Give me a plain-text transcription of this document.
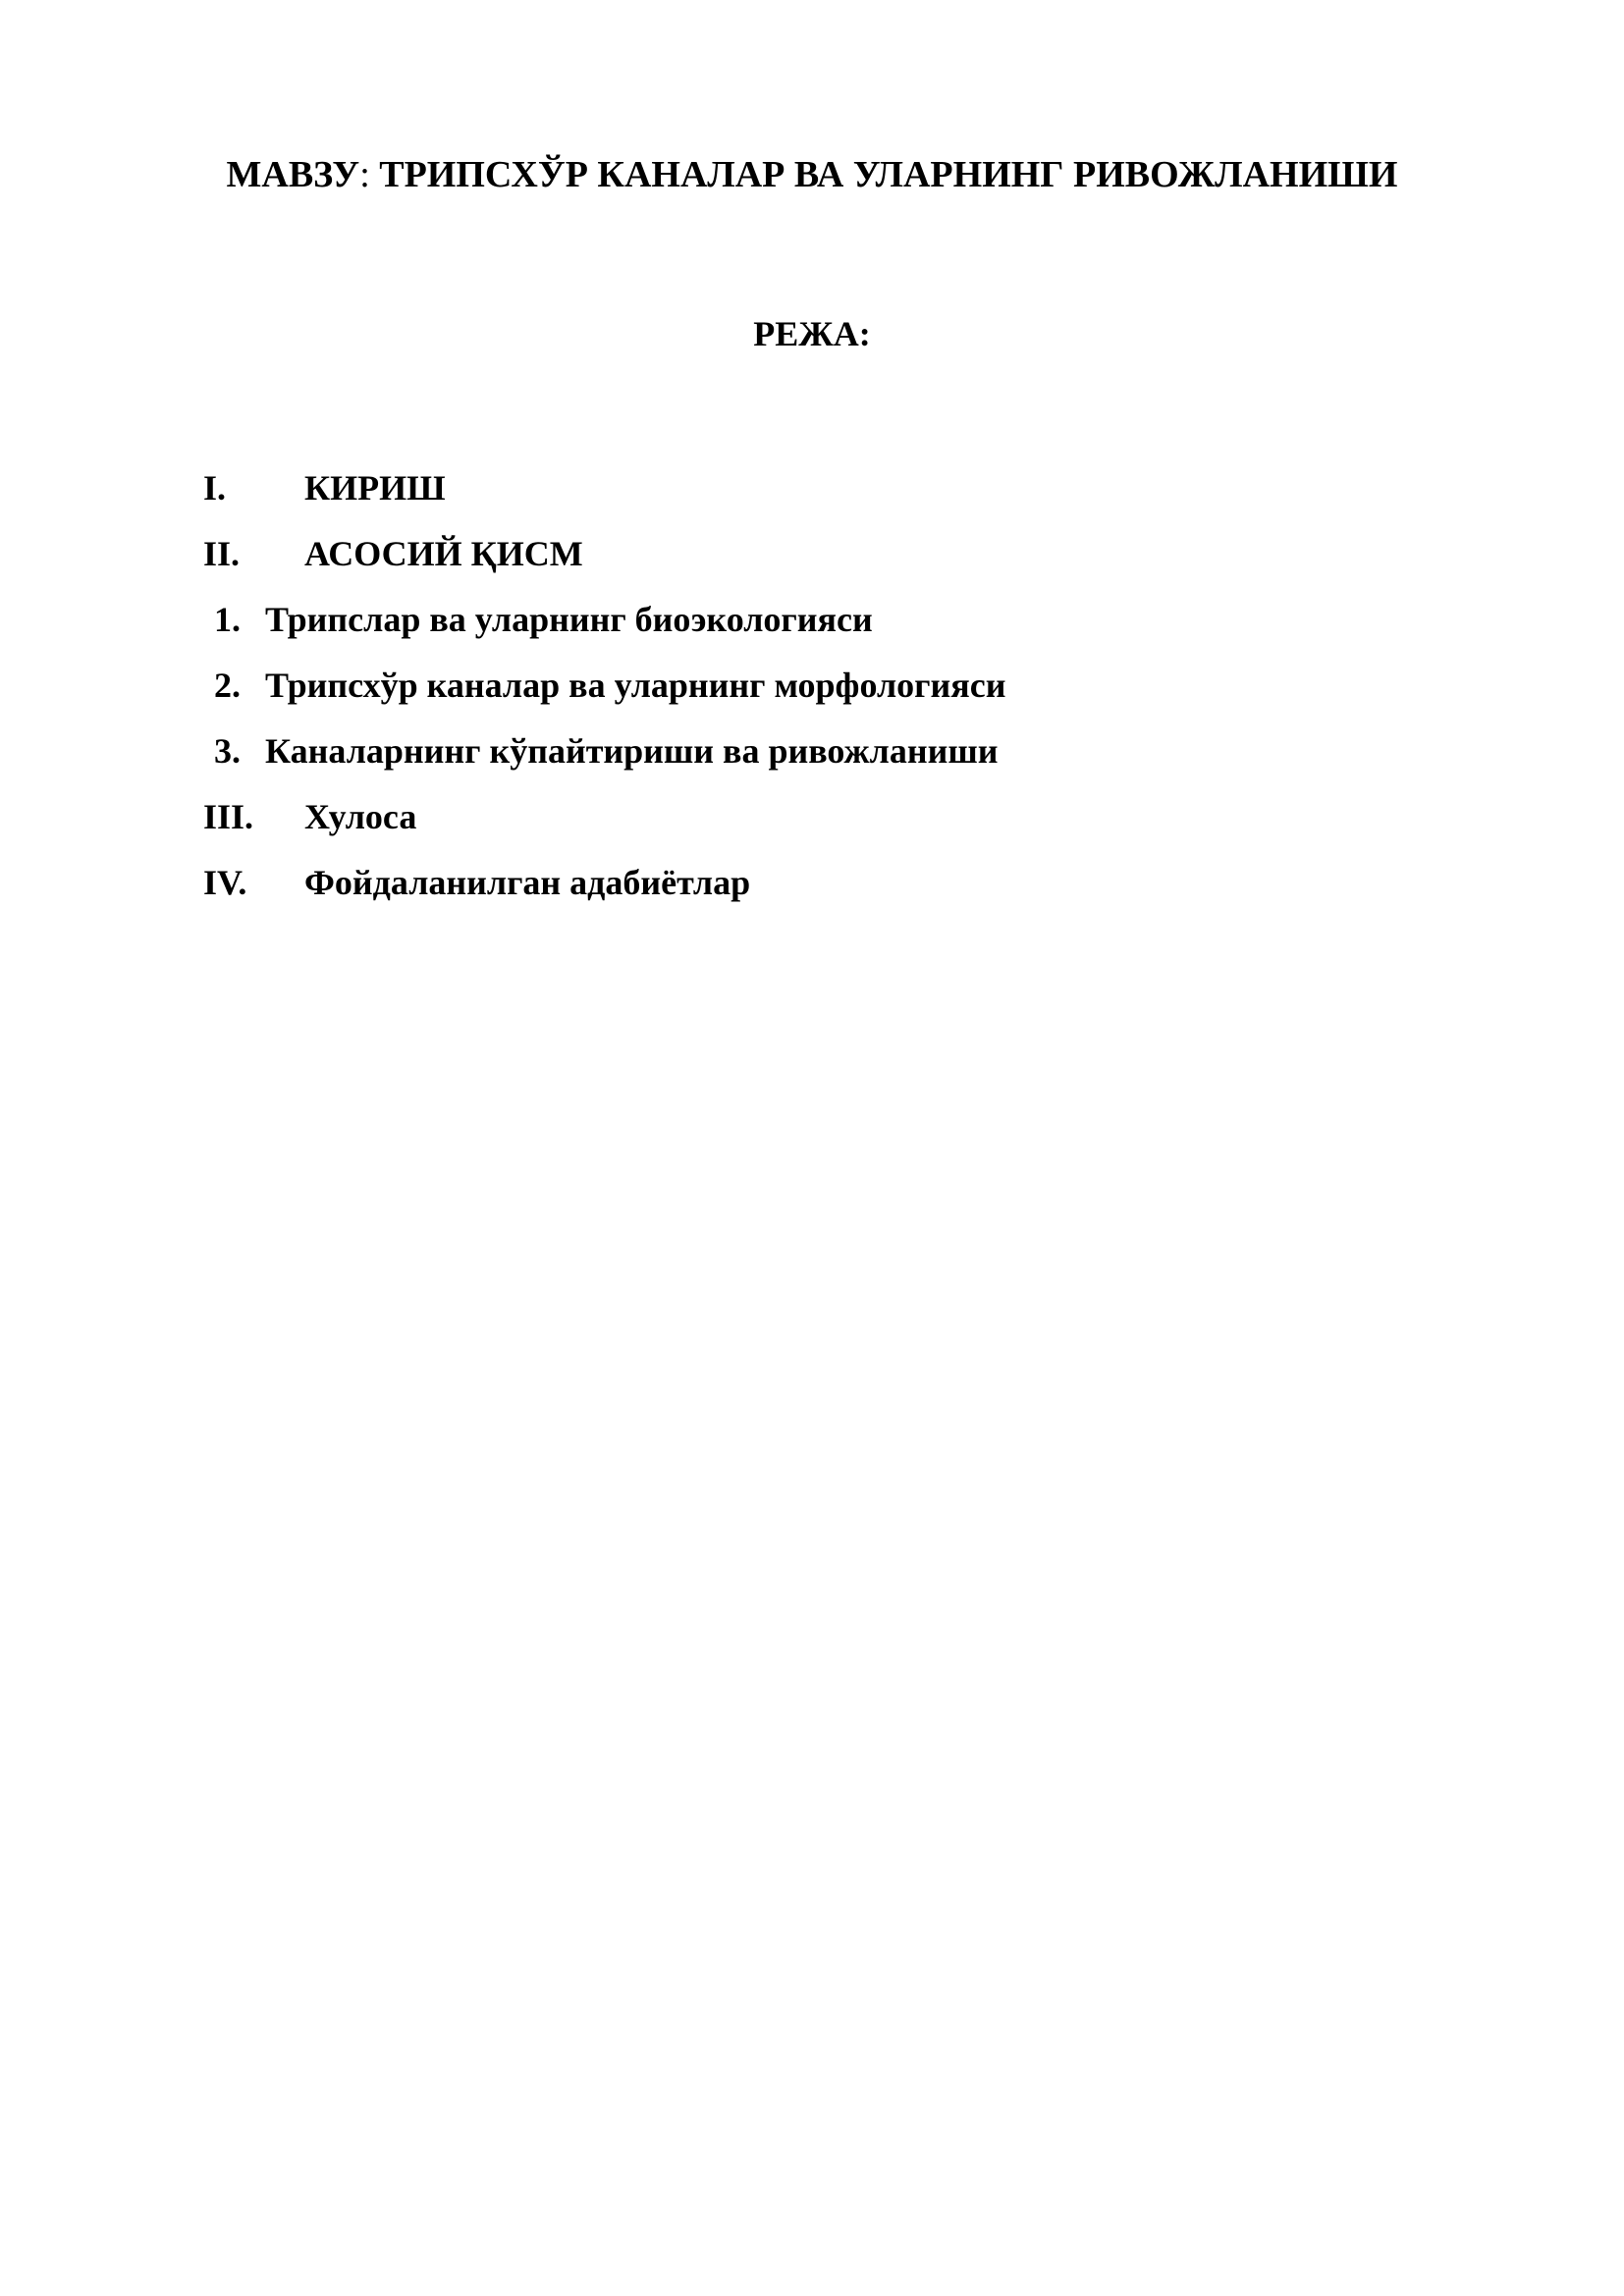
МАВЗУ: ТРИПСХЎР КАНАЛАР ВА УЛАРНИНГ РИВОЖЛАНИШИ
РЕЖА:
I. КИРИШ
II. АСОСИЙ ҚИСМ
1. Трипслар ва уларнинг биоэкологияси
2. Трипсхўр каналар ва уларнинг морфологияси
3. Каналарнинг кўпайтириши ва ривожланиши
III. Хулоса
IV. Фойдаланилган адабиётлар
